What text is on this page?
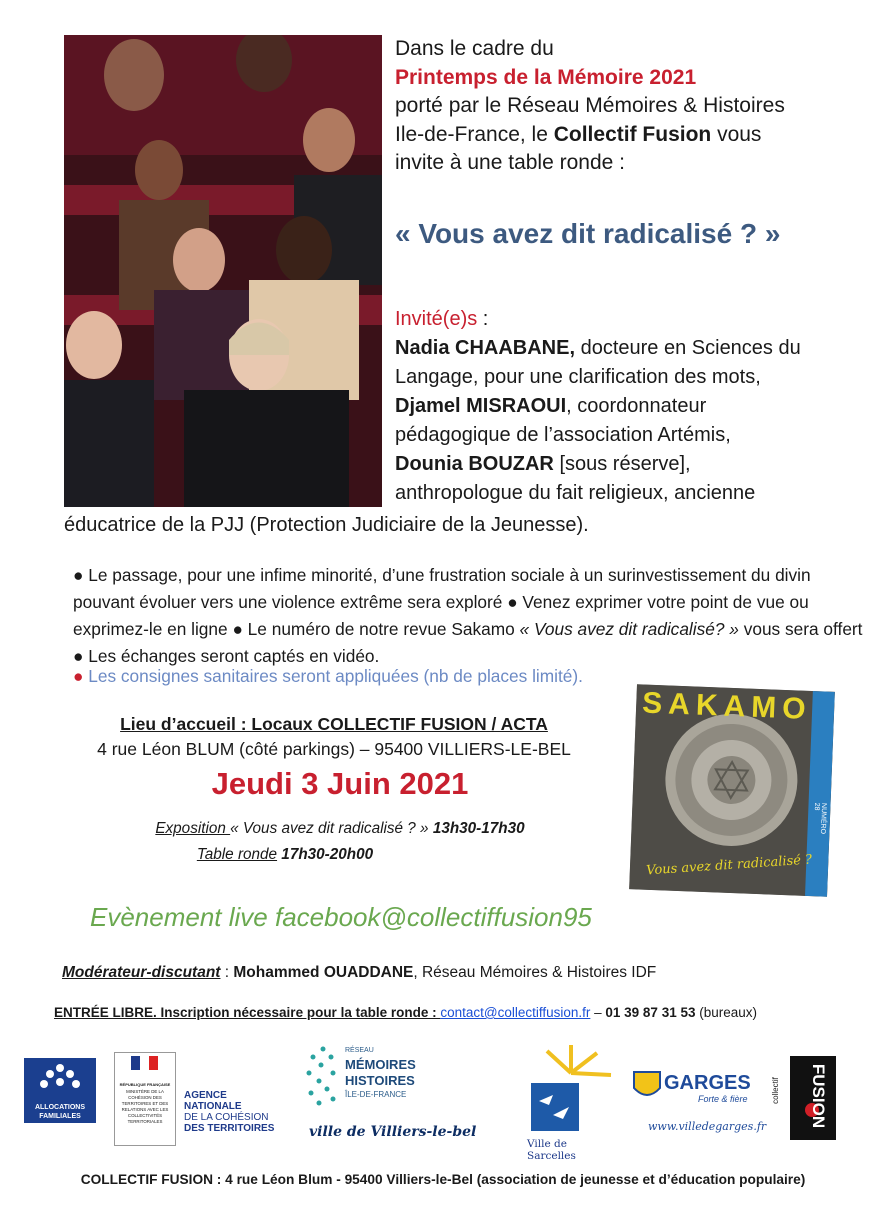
Dans le cadre du
Printemps de la Mémoire 2021
porté par le Réseau Mémoires & Histoires
Ile-de-France, le Collectif Fusion vous
invite à une table ronde :
« Vous avez dit radicalisé ? »
Invité(e)s :
Nadia CHAABANE, docteure en Sciences du
Langage, pour une clarification des mots,
Djamel MISRAOUI, coordonnateur
pédagogique de l’association Artémis,
Dounia BOUZAR [sous réserve],
anthropologue du fait religieux, ancienne
éducatrice de la PJJ (Protection Judiciaire de la Jeunesse).
● Le passage, pour une infime minorité, d’une frustration sociale à un surinvestissement du divin pouvant évoluer vers une violence extrême sera exploré ● Venez exprimer votre point de vue ou exprimez-le en ligne ● Le numéro de notre revue Sakamo « Vous avez dit radicalisé? » vous sera offert ● Les échanges seront captés en vidéo.
● Les consignes sanitaires seront appliquées (nb de places limité).
Lieu d’accueil : Locaux COLLECTIF FUSION / ACTA
4 rue Léon BLUM (côté parkings) – 95400 VILLIERS-LE-BEL
Jeudi 3 Juin 2021
Exposition « Vous avez dit radicalisé ? » 13h30-17h30
Table ronde 17h30-20h00
SAKAMO
Vous avez dit radicalisé ?
NUMÉRO 28
Evènement live facebook@collectiffusion95
Modérateur-discutant : Mohammed OUADDANE, Réseau Mémoires & Histoires IDF
ENTRÉE LIBRE. Inscription nécessaire pour la table ronde : contact@collectiffusion.fr – 01 39 87 31 53 (bureaux)
ALLOCATIONS FAMILIALES
RÉPUBLIQUE FRANÇAISE
MINISTÈRE DE LA COHÉSION DES TERRITOIRES ET DES RELATIONS AVEC LES COLLECTIVITÉS TERRITORIALES
AGENCE
NATIONALE
DE LA COHÉSION
DES TERRITOIRES
RÉSEAU
MÉMOIRES
HISTOIRES
ÎLE-DE-FRANCE
ville de Villiers-le-bel
Ville de Sarcelles
GARGES
Forte & fière
www.villedegarges.fr
collectif FUSION
COLLECTIF FUSION : 4 rue Léon Blum - 95400 Villiers-le-Bel (association de jeunesse et d’éducation populaire)
